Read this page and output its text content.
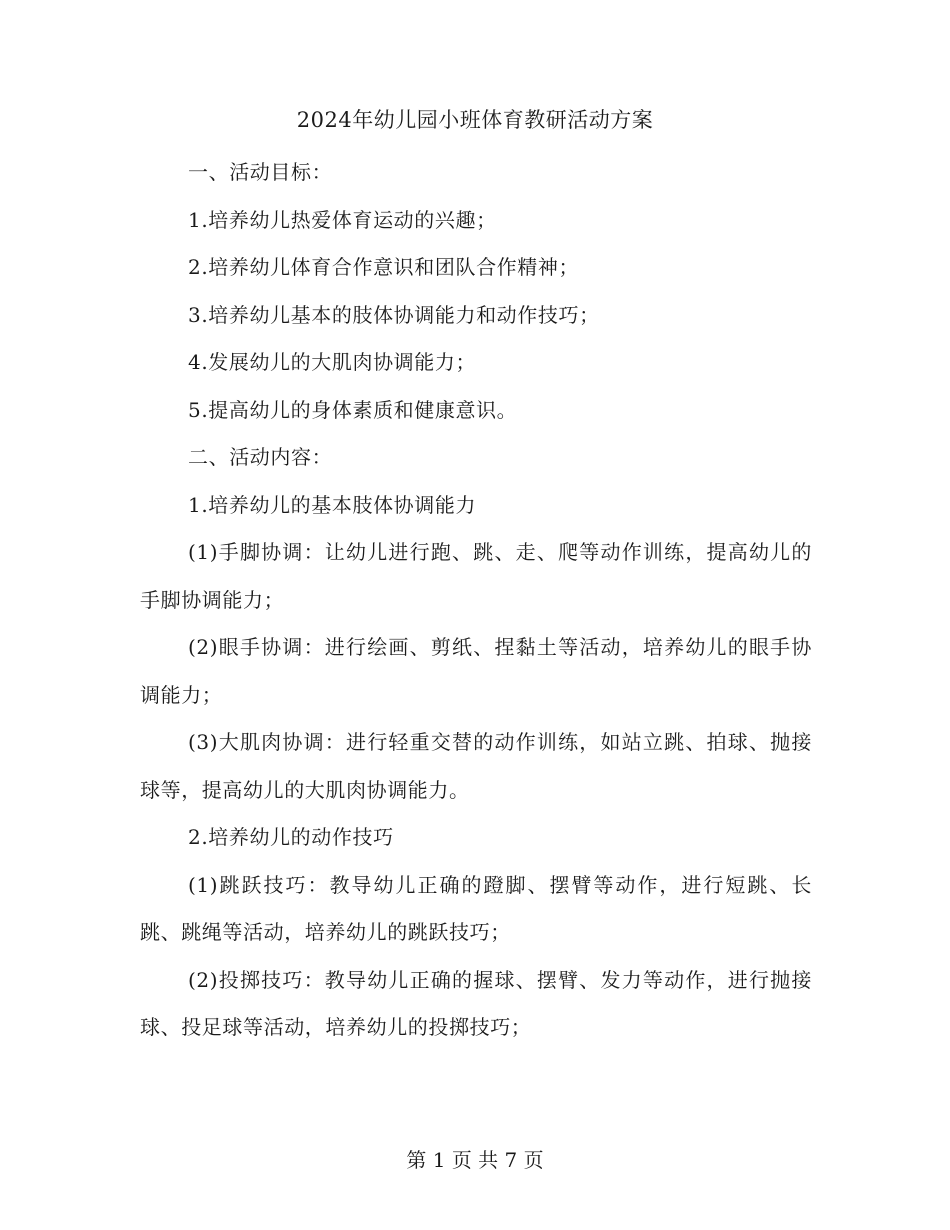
2024年幼儿园小班体育教研活动方案

一、活动目标：

1.培养幼儿热爱体育运动的兴趣；

2.培养幼儿体育合作意识和团队合作精神；

3.培养幼儿基本的肢体协调能力和动作技巧；

4.发展幼儿的大肌肉协调能力；

5.提高幼儿的身体素质和健康意识。

二、活动内容：

1.培养幼儿的基本肢体协调能力

(1)手脚协调：让幼儿进行跑、跳、走、爬等动作训练，提高幼儿的手脚协调能力；

(2)眼手协调：进行绘画、剪纸、捏黏土等活动，培养幼儿的眼手协调能力；

(3)大肌肉协调：进行轻重交替的动作训练，如站立跳、拍球、抛接球等，提高幼儿的大肌肉协调能力。

2.培养幼儿的动作技巧

(1)跳跃技巧：教导幼儿正确的蹬脚、摆臂等动作，进行短跳、长跳、跳绳等活动，培养幼儿的跳跃技巧；

(2)投掷技巧：教导幼儿正确的握球、摆臂、发力等动作，进行抛接球、投足球等活动，培养幼儿的投掷技巧；

第 1 页 共 7 页
